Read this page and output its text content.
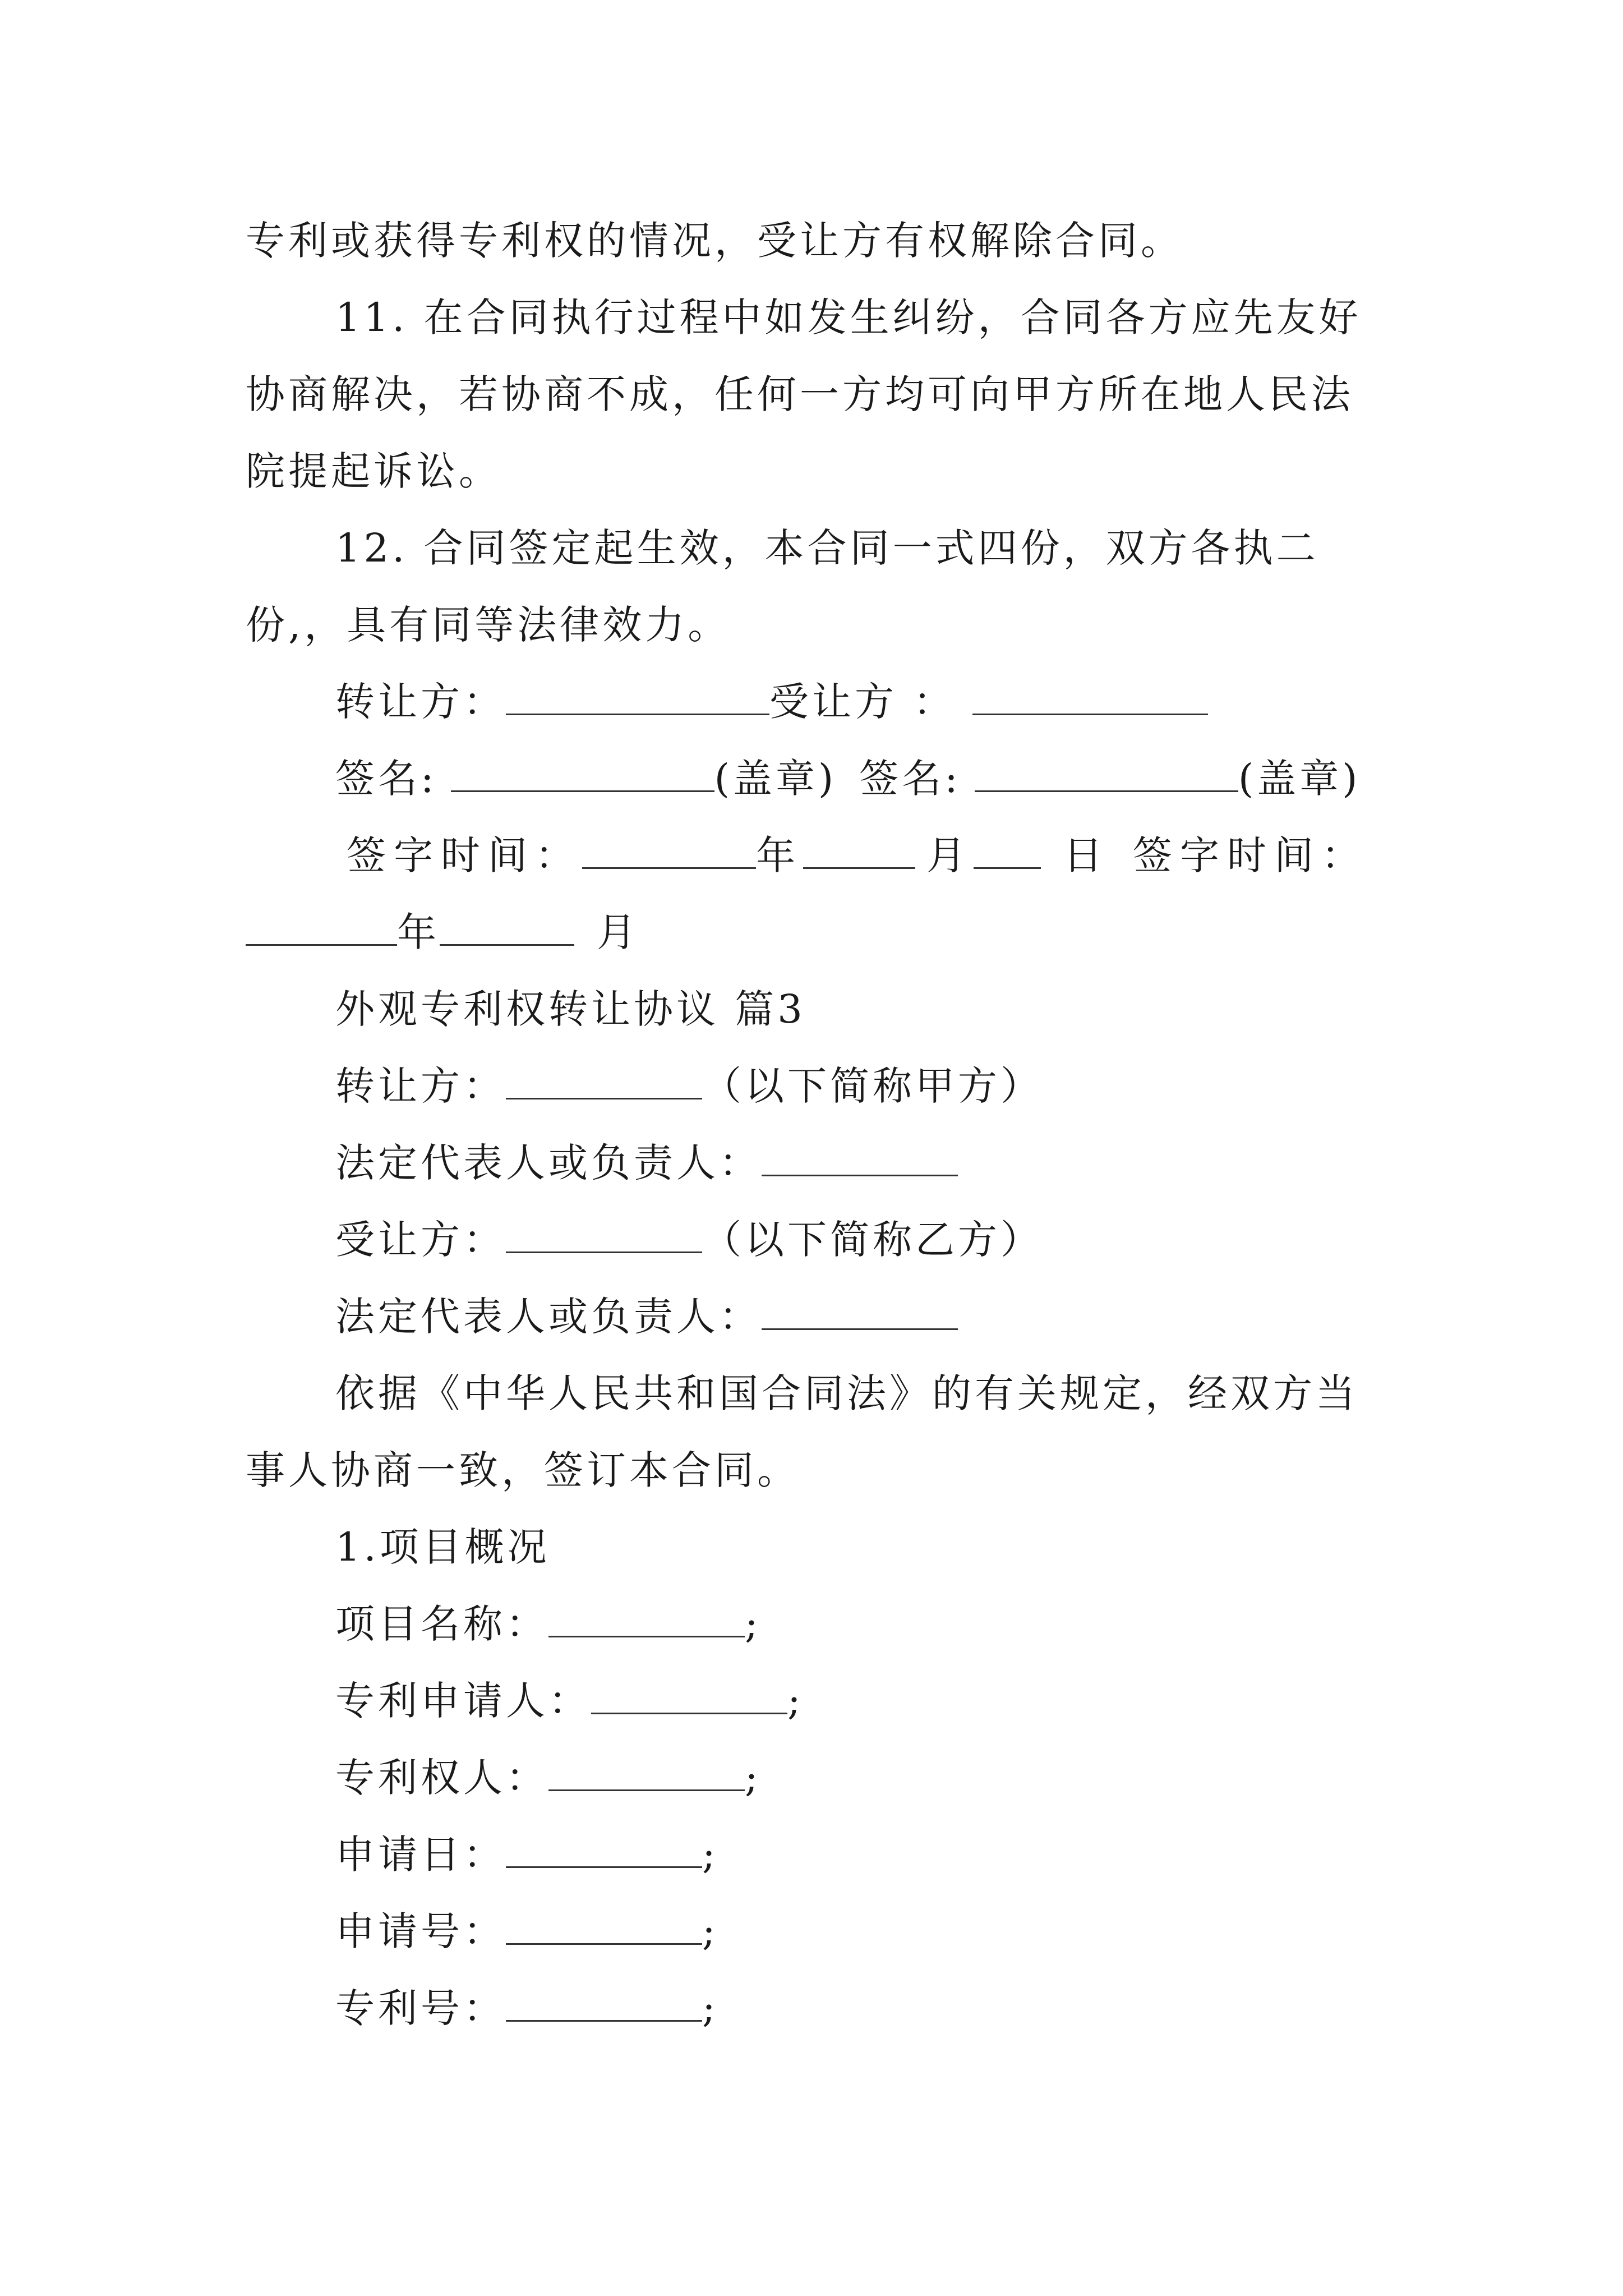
专利或获得专利权的情况，受让方有权解除合同。
11. 在合同执行过程中如发生纠纷，合同各方应先友好
协商解决，若协商不成，任何一方均可向甲方所在地人民法
院提起诉讼。
12. 合同签定起生效，本合同一式四份，双方各执二
份,，具有同等法律效力。
转让方：	受让方 ：
签名:	(盖章) 签名:	(盖章)
签字时间：	年	月 日 签字时间：
年	月
外观专利权转让协议 篇3
转让方：	（以下简称甲方）
法定代表人或负责人：
受让方：	（以下简称乙方）
法定代表人或负责人：
依据《中华人民共和国合同法》的有关规定，经双方当
事人协商一致，签订本合同。
1.项目概况
项目名称：	;
专利申请人：	;
专利权人：	;
申请日：	;
申请号：	;
专利号：	;
